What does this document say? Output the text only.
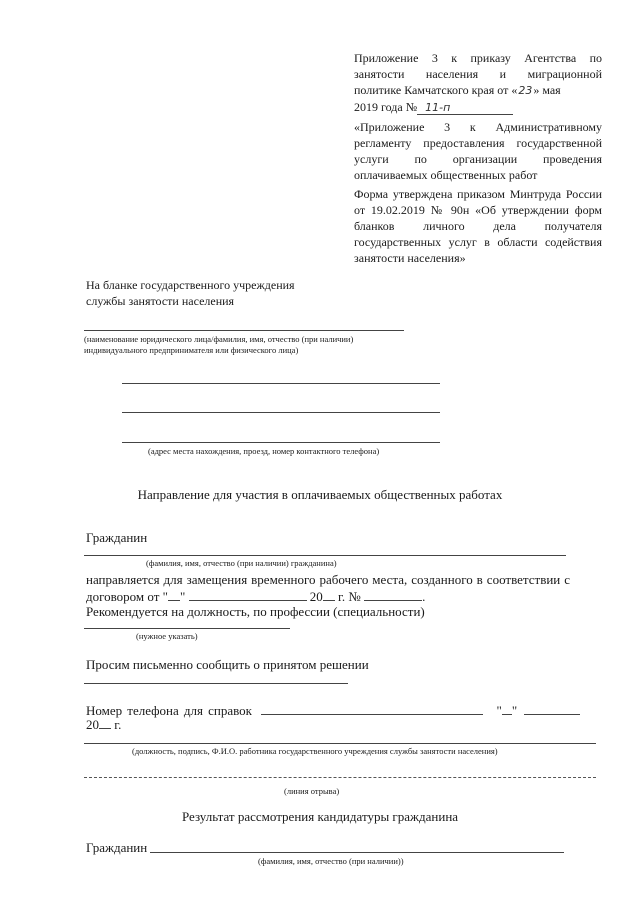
Приложение 3 к приказу Агентства по
занятости населения и миграционной
политике Камчатского края от «23» мая
2019 года № 11-п
«Приложение 3 к Административному
регламенту предоставления государственной
услуги по организации проведения
оплачиваемых общественных работ
Форма утверждена приказом Минтруда России
от 19.02.2019 № 90н «Об утверждении форм
бланков личного дела получателя
государственных услуг в области содействия
занятости населения»
На бланке государственного учреждения
службы занятости населения
(наименование юридического лица/фамилия, имя, отчество (при наличии)
индивидуального предпринимателя или физического лица)
(адрес места нахождения, проезд, номер контактного телефона)
Направление для участия в оплачиваемых общественных работах
Гражданин
(фамилия, имя, отчество (при наличии) гражданина)
направляется для замещения временного рабочего места, созданного в соответствии с
договором от " "	20 г. №	.
Рекомендуется на должность, по профессии (специальности)
(нужное указать)
Просим письменно сообщить о принятом решении
Номер телефона для справок	" "
20 г.
(должность, подпись, Ф.И.О. работника государственного учреждения службы занятости населения)
(линия отрыва)
Результат рассмотрения кандидатуры гражданина
Гражданин
(фамилия, имя, отчество (при наличии))
